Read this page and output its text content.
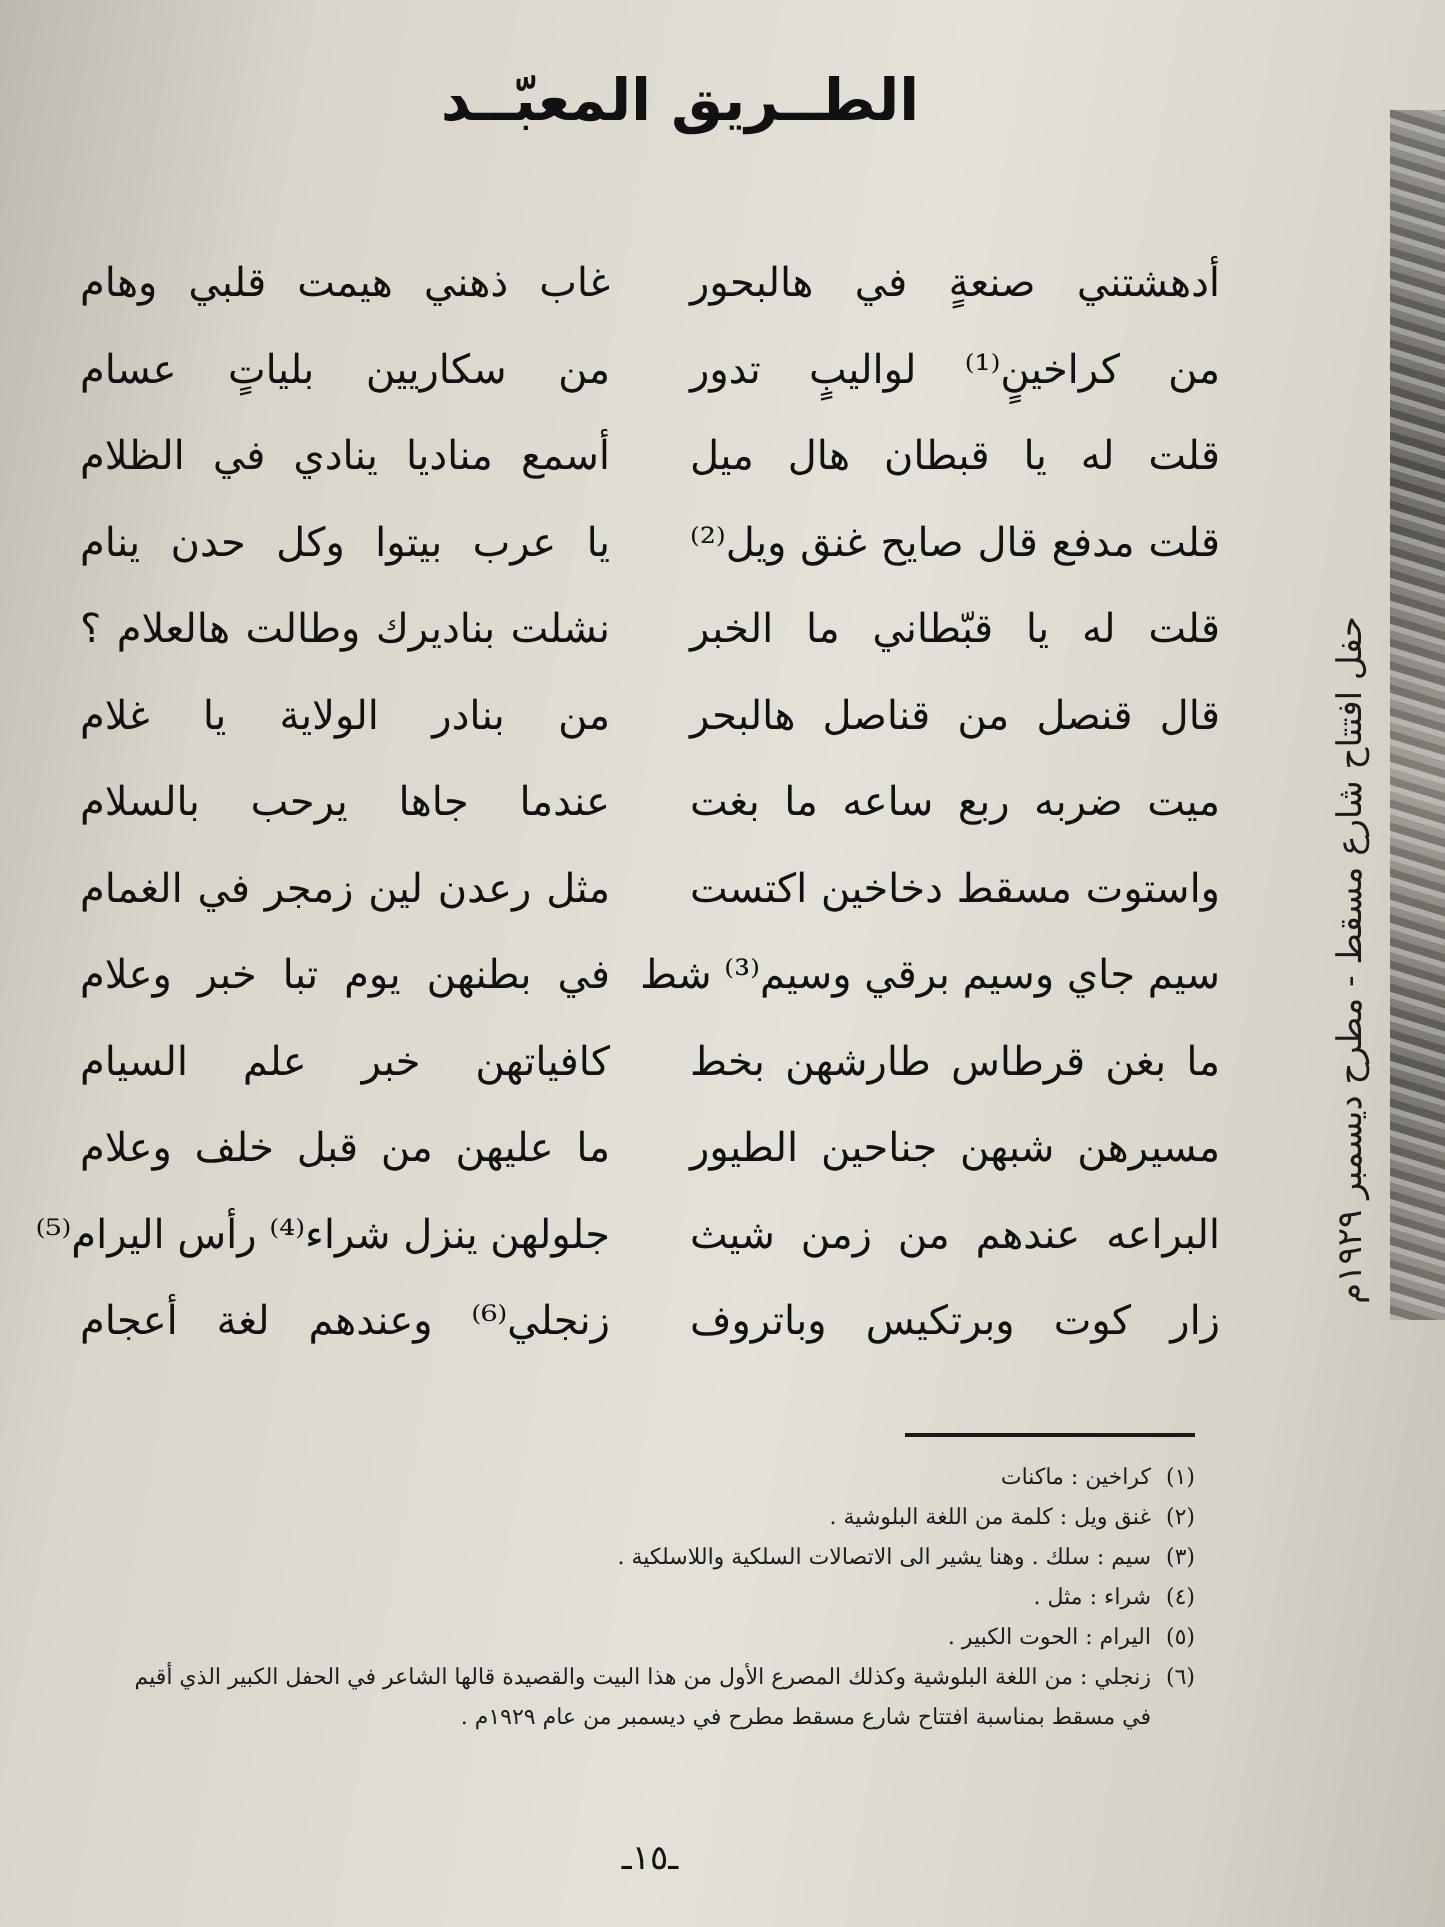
حفل افتتاح شارع مسقط - مطرح ديسمبر ١٩٢٩م
الطــريق المعبّــد
أدهشتني صنعةٍ في هالبحور
غاب ذهني هيمت قلبي وهام
من كراخينٍ⁽¹⁾ لواليبٍ تدور
من سكاريين بلياتٍ عسام
قلت له يا قبطان هال ميل
أسمع مناديا ينادي في الظلام
قلت مدفع قال صايح غنق ويل⁽²⁾
يا عرب بيتوا وكل حدن ينام
قلت له يا قبّطاني ما الخبر
نشلت بناديرك وطالت هالعلام ؟
قال قنصل من قناصل هالبحر
من بنادر الولاية يا غلام
ميت ضربه ربع ساعه ما بغت
عندما جاها يرحب بالسلام
واستوت مسقط دخاخين اكتست
مثل رعدن لين زمجر في الغمام
سيم جاي وسيم برقي وسيم⁽³⁾ شط
في بطنهن يوم تبا خبر وعلام
ما بغن قرطاس طارشهن بخط
كافياتهن خبر علم السيام
مسيرهن شبهن جناحين الطيور
ما عليهن من قبل خلف وعلام
البراعه عندهم من زمن شيث
جلولهن ينزل شراء⁽⁴⁾ رأس اليرام⁽⁵⁾
زار كوت وبرتكيس وباتروف
زنجلي⁽⁶⁾ وعندهم لغة أعجام
(١)
كراخين : ماكنات
(٢)
غنق ويل : كلمة من اللغة البلوشية .
(٣)
سيم : سلك . وهنا يشير الى الاتصالات السلكية واللاسلكية .
(٤)
شراء : مثل .
(٥)
اليرام : الحوت الكبير .
(٦)
زنجلي : من اللغة البلوشية وكذلك المصرع الأول من هذا البيت والقصيدة قالها الشاعر في الحفل الكبير الذي أقيم في مسقط بمناسبة افتتاح شارع مسقط مطرح في ديسمبر من عام ١٩٢٩م .
ـ١٥ـ
